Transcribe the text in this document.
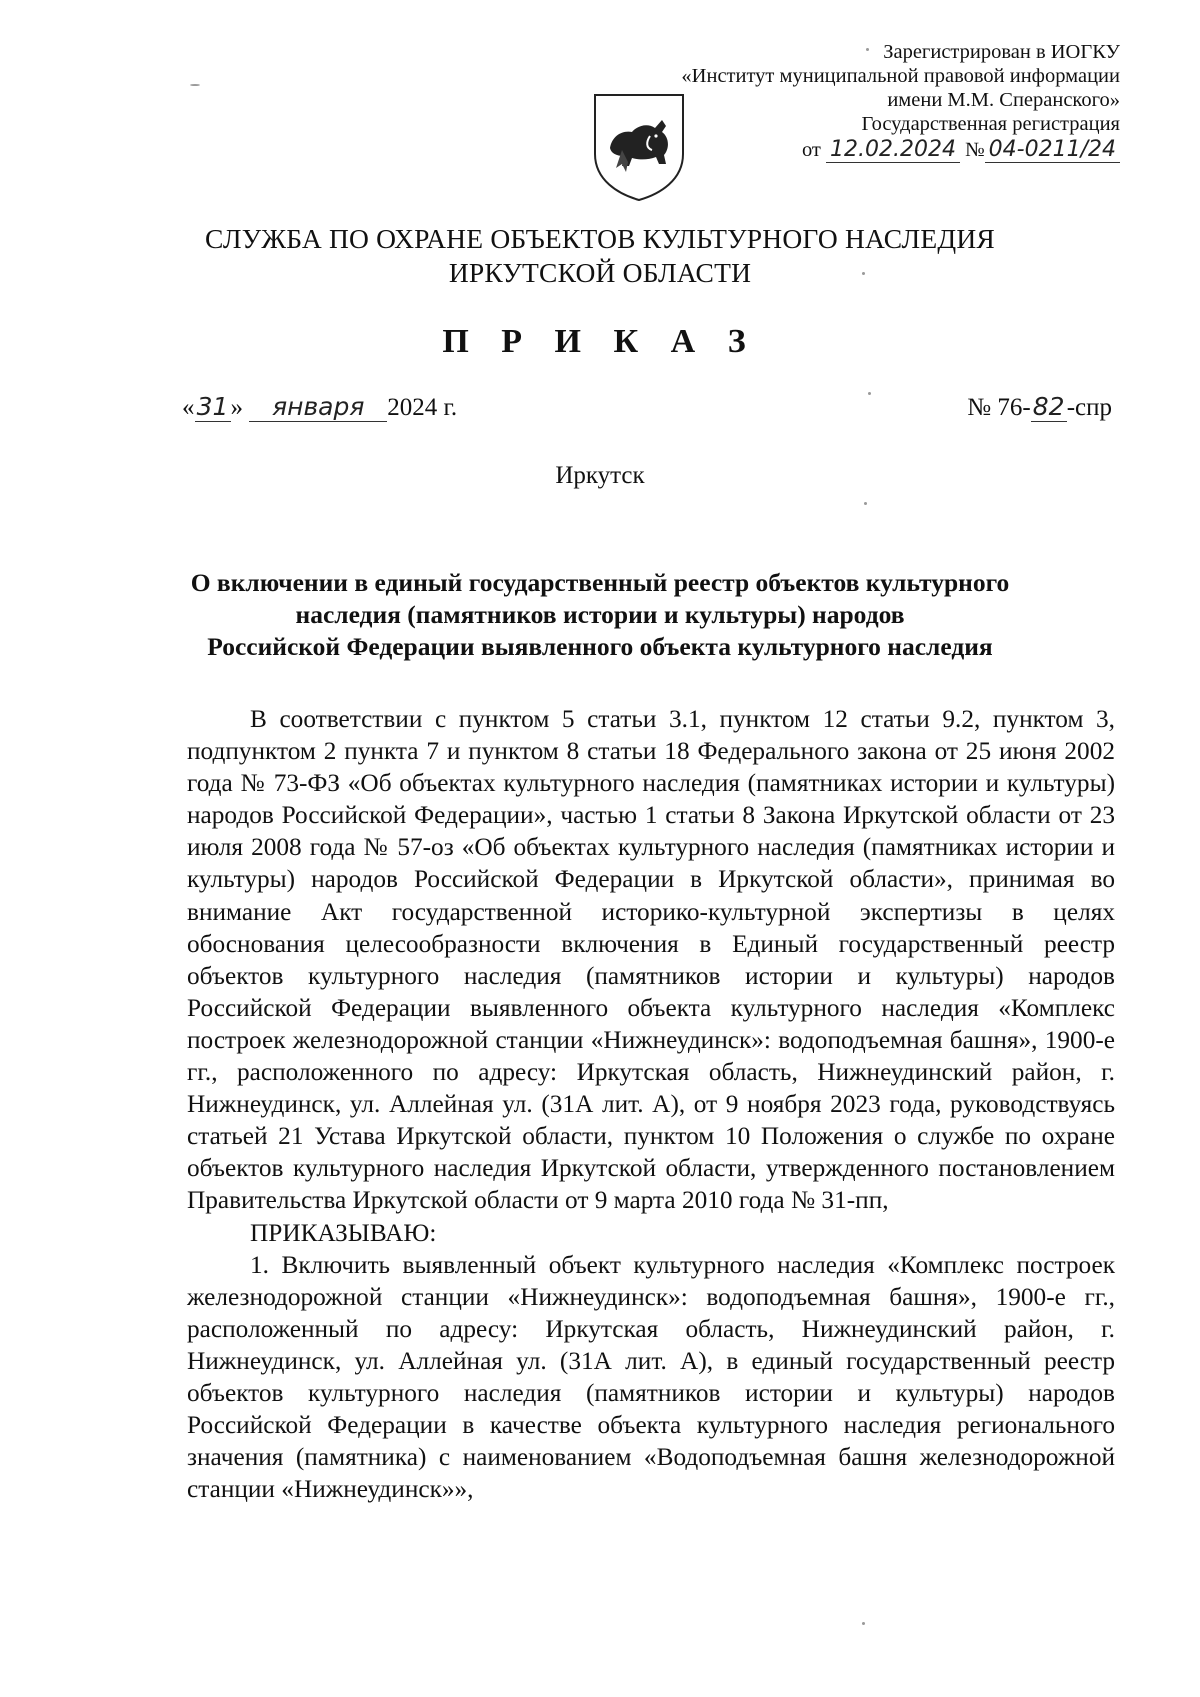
Зарегистрирован в ИОГКУ
«Институт муниципальной правовой информации
имени М.М. Сперанского»
Государственная регистрация
от 12.02.2024 № 04-0211/24
СЛУЖБА ПО ОХРАНЕ ОБЪЕКТОВ КУЛЬТУРНОГО НАСЛЕДИЯ
ИРКУТСКОЙ ОБЛАСТИ
П Р И К А З
«31» января 2024 г.	№ 76-82-спр
Иркутск
О включении в единый государственный реестр объектов культурного
наследия (памятников истории и культуры) народов
Российской Федерации выявленного объекта культурного наследия

В соответствии с пунктом 5 статьи 3.1, пунктом 12 статьи 9.2, пунктом 3, подпунктом 2 пункта 7 и пунктом 8 статьи 18 Федерального закона от 25 июня 2002 года № 73-ФЗ «Об объектах культурного наследия (памятниках истории и культуры) народов Российской Федерации», частью 1 статьи 8 Закона Иркутской области от 23 июля 2008 года № 57-оз «Об объектах культурного наследия (памятниках истории и культуры) народов Российской Федерации в Иркутской области», принимая во внимание Акт государственной историко-культурной экспертизы в целях обоснования целесообразности включения в Единый государственный реестр объектов культурного наследия (памятников истории и культуры) народов Российской Федерации выявленного объекта культурного наследия «Комплекс построек железнодорожной станции «Нижнеудинск»: водоподъемная башня», 1900-е гг., расположенного по адресу: Иркутская область, Нижнеудинский район, г. Нижнеудинск, ул. Аллейная ул. (31А лит. А), от 9 ноября 2023 года, руководствуясь статьей 21 Устава Иркутской области, пунктом 10 Положения о службе по охране объектов культурного наследия Иркутской области, утвержденного постановлением Правительства Иркутской области от 9 марта 2010 года № 31-пп,

ПРИКАЗЫВАЮ:

1. Включить выявленный объект культурного наследия «Комплекс построек железнодорожной станции «Нижнеудинск»: водоподъемная башня», 1900-е гг., расположенный по адресу: Иркутская область, Нижнеудинский район, г. Нижнеудинск, ул. Аллейная ул. (31А лит. А), в единый государственный реестр объектов культурного наследия (памятников истории и культуры) народов Российской Федерации в качестве объекта культурного наследия регионального значения (памятника) с наименованием «Водоподъемная башня железнодорожной станции «Нижнеудинск»»,
